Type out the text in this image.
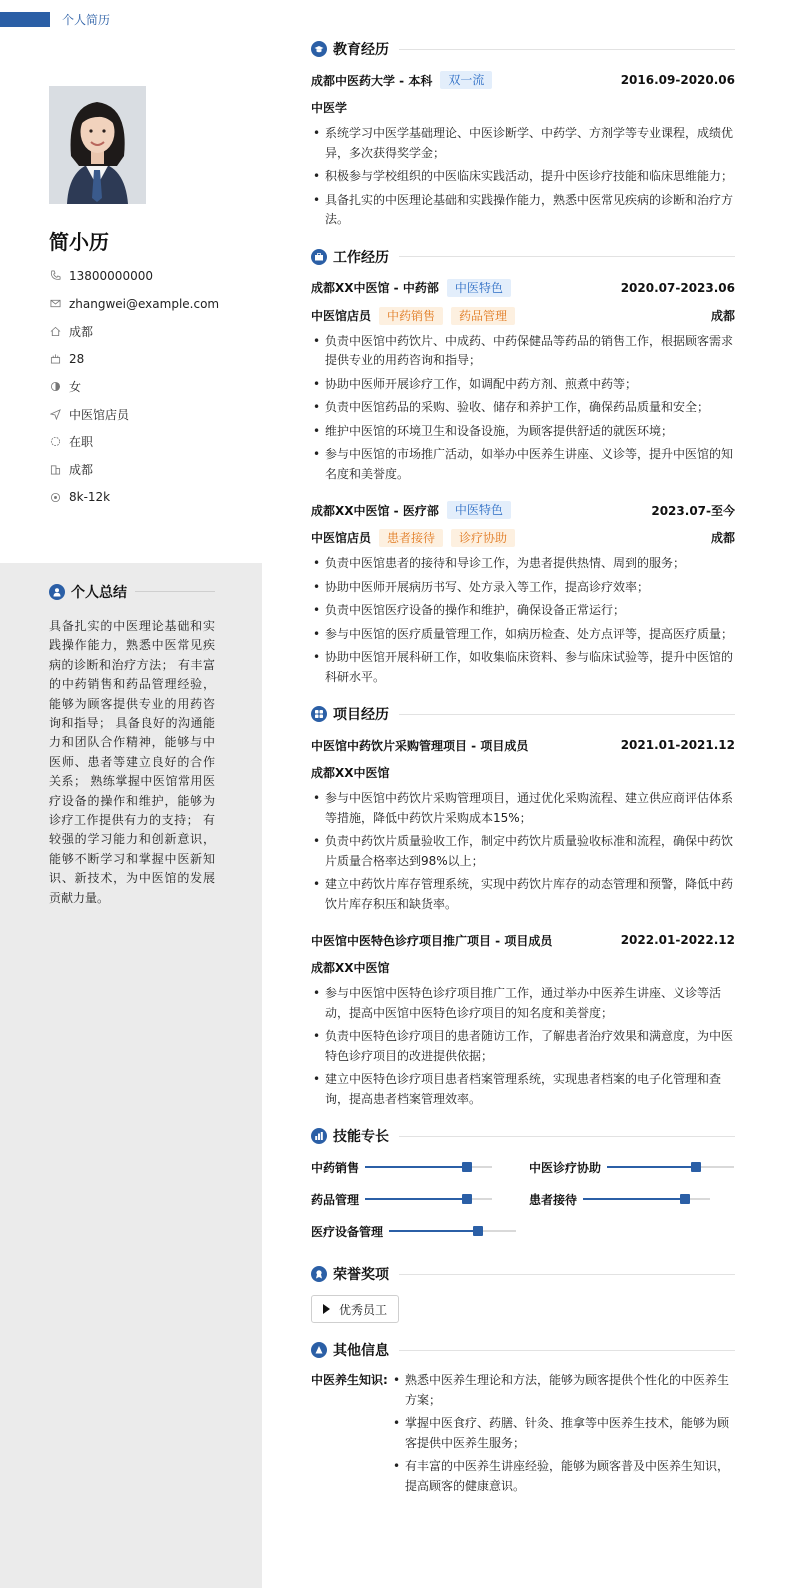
个人简历
简小历
13800000000
zhangwei@example.com
成都
28
女
中医馆店员
在职
成都
8k-12k
个人总结
具备扎实的中医理论基础和实践操作能力，熟悉中医常见疾病的诊断和治疗方法； 有丰富的中药销售和药品管理经验，能够为顾客提供专业的用药咨询和指导； 具备良好的沟通能力和团队合作精神，能够与中医师、患者等建立良好的合作关系； 熟练掌握中医馆常用医疗设备的操作和维护，能够为诊疗工作提供有力的支持； 有较强的学习能力和创新意识，能够不断学习和掌握中医新知识、新技术，为中医馆的发展贡献力量。
教育经历
成都中医药大学 - 本科	双一流	2016.09-2020.06
中医学
• 系统学习中医学基础理论、中医诊断学、中药学、方剂学等专业课程，成绩优异，多次获得奖学金；
• 积极参与学校组织的中医临床实践活动，提升中医诊疗技能和临床思维能力；
• 具备扎实的中医理论基础和实践操作能力，熟悉中医常见疾病的诊断和治疗方法。
工作经历
成都XX中医馆 - 中药部	中医特色	2020.07-2023.06
中医馆店员	中药销售	药品管理	成都
• 负责中医馆中药饮片、中成药、中药保健品等药品的销售工作，根据顾客需求提供专业的用药咨询和指导；
• 协助中医师开展诊疗工作，如调配中药方剂、煎煮中药等；
• 负责中医馆药品的采购、验收、储存和养护工作，确保药品质量和安全；
• 维护中医馆的环境卫生和设备设施，为顾客提供舒适的就医环境；
• 参与中医馆的市场推广活动，如举办中医养生讲座、义诊等，提升中医馆的知名度和美誉度。
成都XX中医馆 - 医疗部	中医特色	2023.07-至今
中医馆店员	患者接待	诊疗协助	成都
• 负责中医馆患者的接待和导诊工作，为患者提供热情、周到的服务；
• 协助中医师开展病历书写、处方录入等工作，提高诊疗效率；
• 负责中医馆医疗设备的操作和维护，确保设备正常运行；
• 参与中医馆的医疗质量管理工作，如病历检查、处方点评等，提高医疗质量；
• 协助中医馆开展科研工作，如收集临床资料、参与临床试验等，提升中医馆的科研水平。
项目经历
中医馆中药饮片采购管理项目 - 项目成员	2021.01-2021.12
成都XX中医馆
• 参与中医馆中药饮片采购管理项目，通过优化采购流程、建立供应商评估体系等措施，降低中药饮片采购成本15%；
• 负责中药饮片质量验收工作，制定中药饮片质量验收标准和流程，确保中药饮片质量合格率达到98%以上；
• 建立中药饮片库存管理系统，实现中药饮片库存的动态管理和预警，降低中药饮片库存积压和缺货率。
中医馆中医特色诊疗项目推广项目 - 项目成员	2022.01-2022.12
成都XX中医馆
• 参与中医馆中医特色诊疗项目推广工作，通过举办中医养生讲座、义诊等活动，提高中医馆中医特色诊疗项目的知名度和美誉度；
• 负责中医特色诊疗项目的患者随访工作，了解患者治疗效果和满意度，为中医特色诊疗项目的改进提供依据；
• 建立中医特色诊疗项目患者档案管理系统，实现患者档案的电子化管理和查询，提高患者档案管理效率。
技能专长
中药销售	中医诊疗协助
药品管理	患者接待
医疗设备管理
荣誉奖项
优秀员工
其他信息
中医养生知识: • 熟悉中医养生理论和方法，能够为顾客提供个性化的中医养生方案；
• 掌握中医食疗、药膳、针灸、推拿等中医养生技术，能够为顾客提供中医养生服务；
• 有丰富的中医养生讲座经验，能够为顾客普及中医养生知识，提高顾客的健康意识。
